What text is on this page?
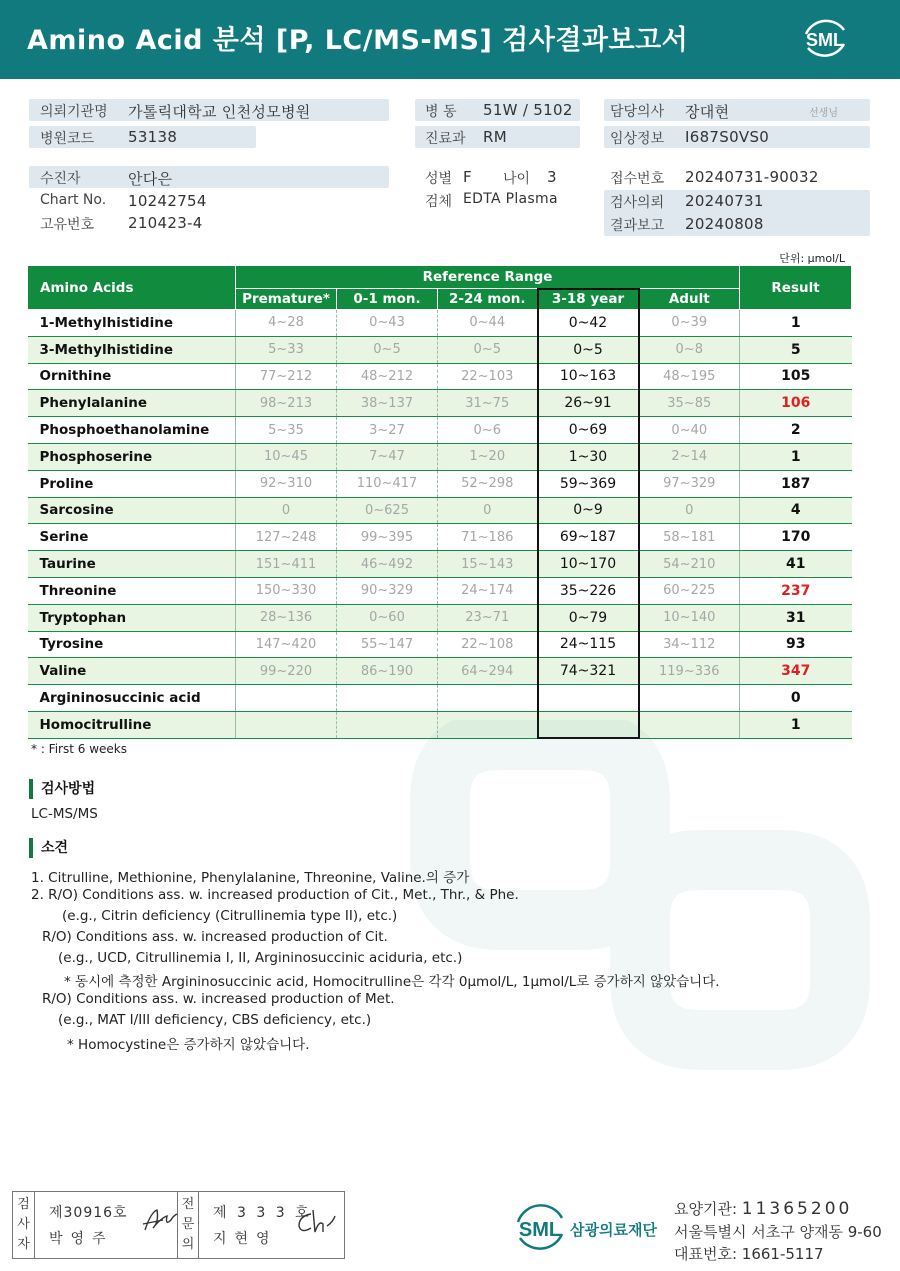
Amino Acid 분석 [P, LC/MS-MS] 검사결과보고서	SML
의뢰기관명 가톨릭대학교 인천성모병원
병원코드 53138
병 동 51W / 5102
진료과 RM
담당의사 장대현	선생님
임상정보 I687S0VS0
수진자	안다은
Chart No. 10242754
고유번호 210423-4
성별 F 나이 3
검체 EDTA Plasma
접수번호 20240731-90032
검사의뢰 20240731
결과보고 20240808
단위: μmol/L
Amino Acids	Reference Range					Result
	Premature*	0-1 mon.	2-24 mon.	3-18 year	Adult	
1-Methylhistidine	4~28	0~43	0~44	0~42	0~39	1
3-Methylhistidine	5~33	0~5	0~5	0~5	0~8	5
Ornithine	77~212	48~212	22~103	10~163	48~195	105
Phenylalanine	98~213	38~137	31~75	26~91	35~85	106
Phosphoethanolamine	5~35	3~27	0~6	0~69	0~40	2
Phosphoserine	10~45	7~47	1~20	1~30	2~14	1
Proline	92~310	110~417	52~298	59~369	97~329	187
Sarcosine	0	0~625	0	0~9	0	4
Serine	127~248	99~395	71~186	69~187	58~181	170
Taurine	151~411	46~492	15~143	10~170	54~210	41
Threonine	150~330	90~329	24~174	35~226	60~225	237
Tryptophan	28~136	0~60	23~71	0~79	10~140	31
Tyrosine	147~420	55~147	22~108	24~115	34~112	93
Valine	99~220	86~190	64~294	74~321	119~336	347
Argininosuccinic acid						0
Homocitrulline						1
* : First 6 weeks
검사방법
LC-MS/MS
소견
1. Citrulline, Methionine, Phenylalanine, Threonine, Valine.의 증가
2. R/O) Conditions ass. w. increased production of Cit., Met., Thr., & Phe.
(e.g., Citrin deficiency (Citrullinemia type II), etc.)
R/O) Conditions ass. w. increased production of Cit.
(e.g., UCD, Citrullinemia I, II, Argininosuccinic aciduria, etc.)
* 동시에 측정한 Argininosuccinic acid, Homocitrulline은 각각 0μmol/L, 1μmol/L로 증가하지 않았습니다.
R/O) Conditions ass. w. increased production of Met.
(e.g., MAT I/III deficiency, CBS deficiency, etc.)
* Homocystine은 증가하지 않았습니다.
검
사
자
제30916호
박영주
전
문
의
제 3 3 3 호
지현영	SML 삼광의료재단
요양기관: 11365200
서울특별시 서초구 양재동 9-60
대표번호: 1661-5117
